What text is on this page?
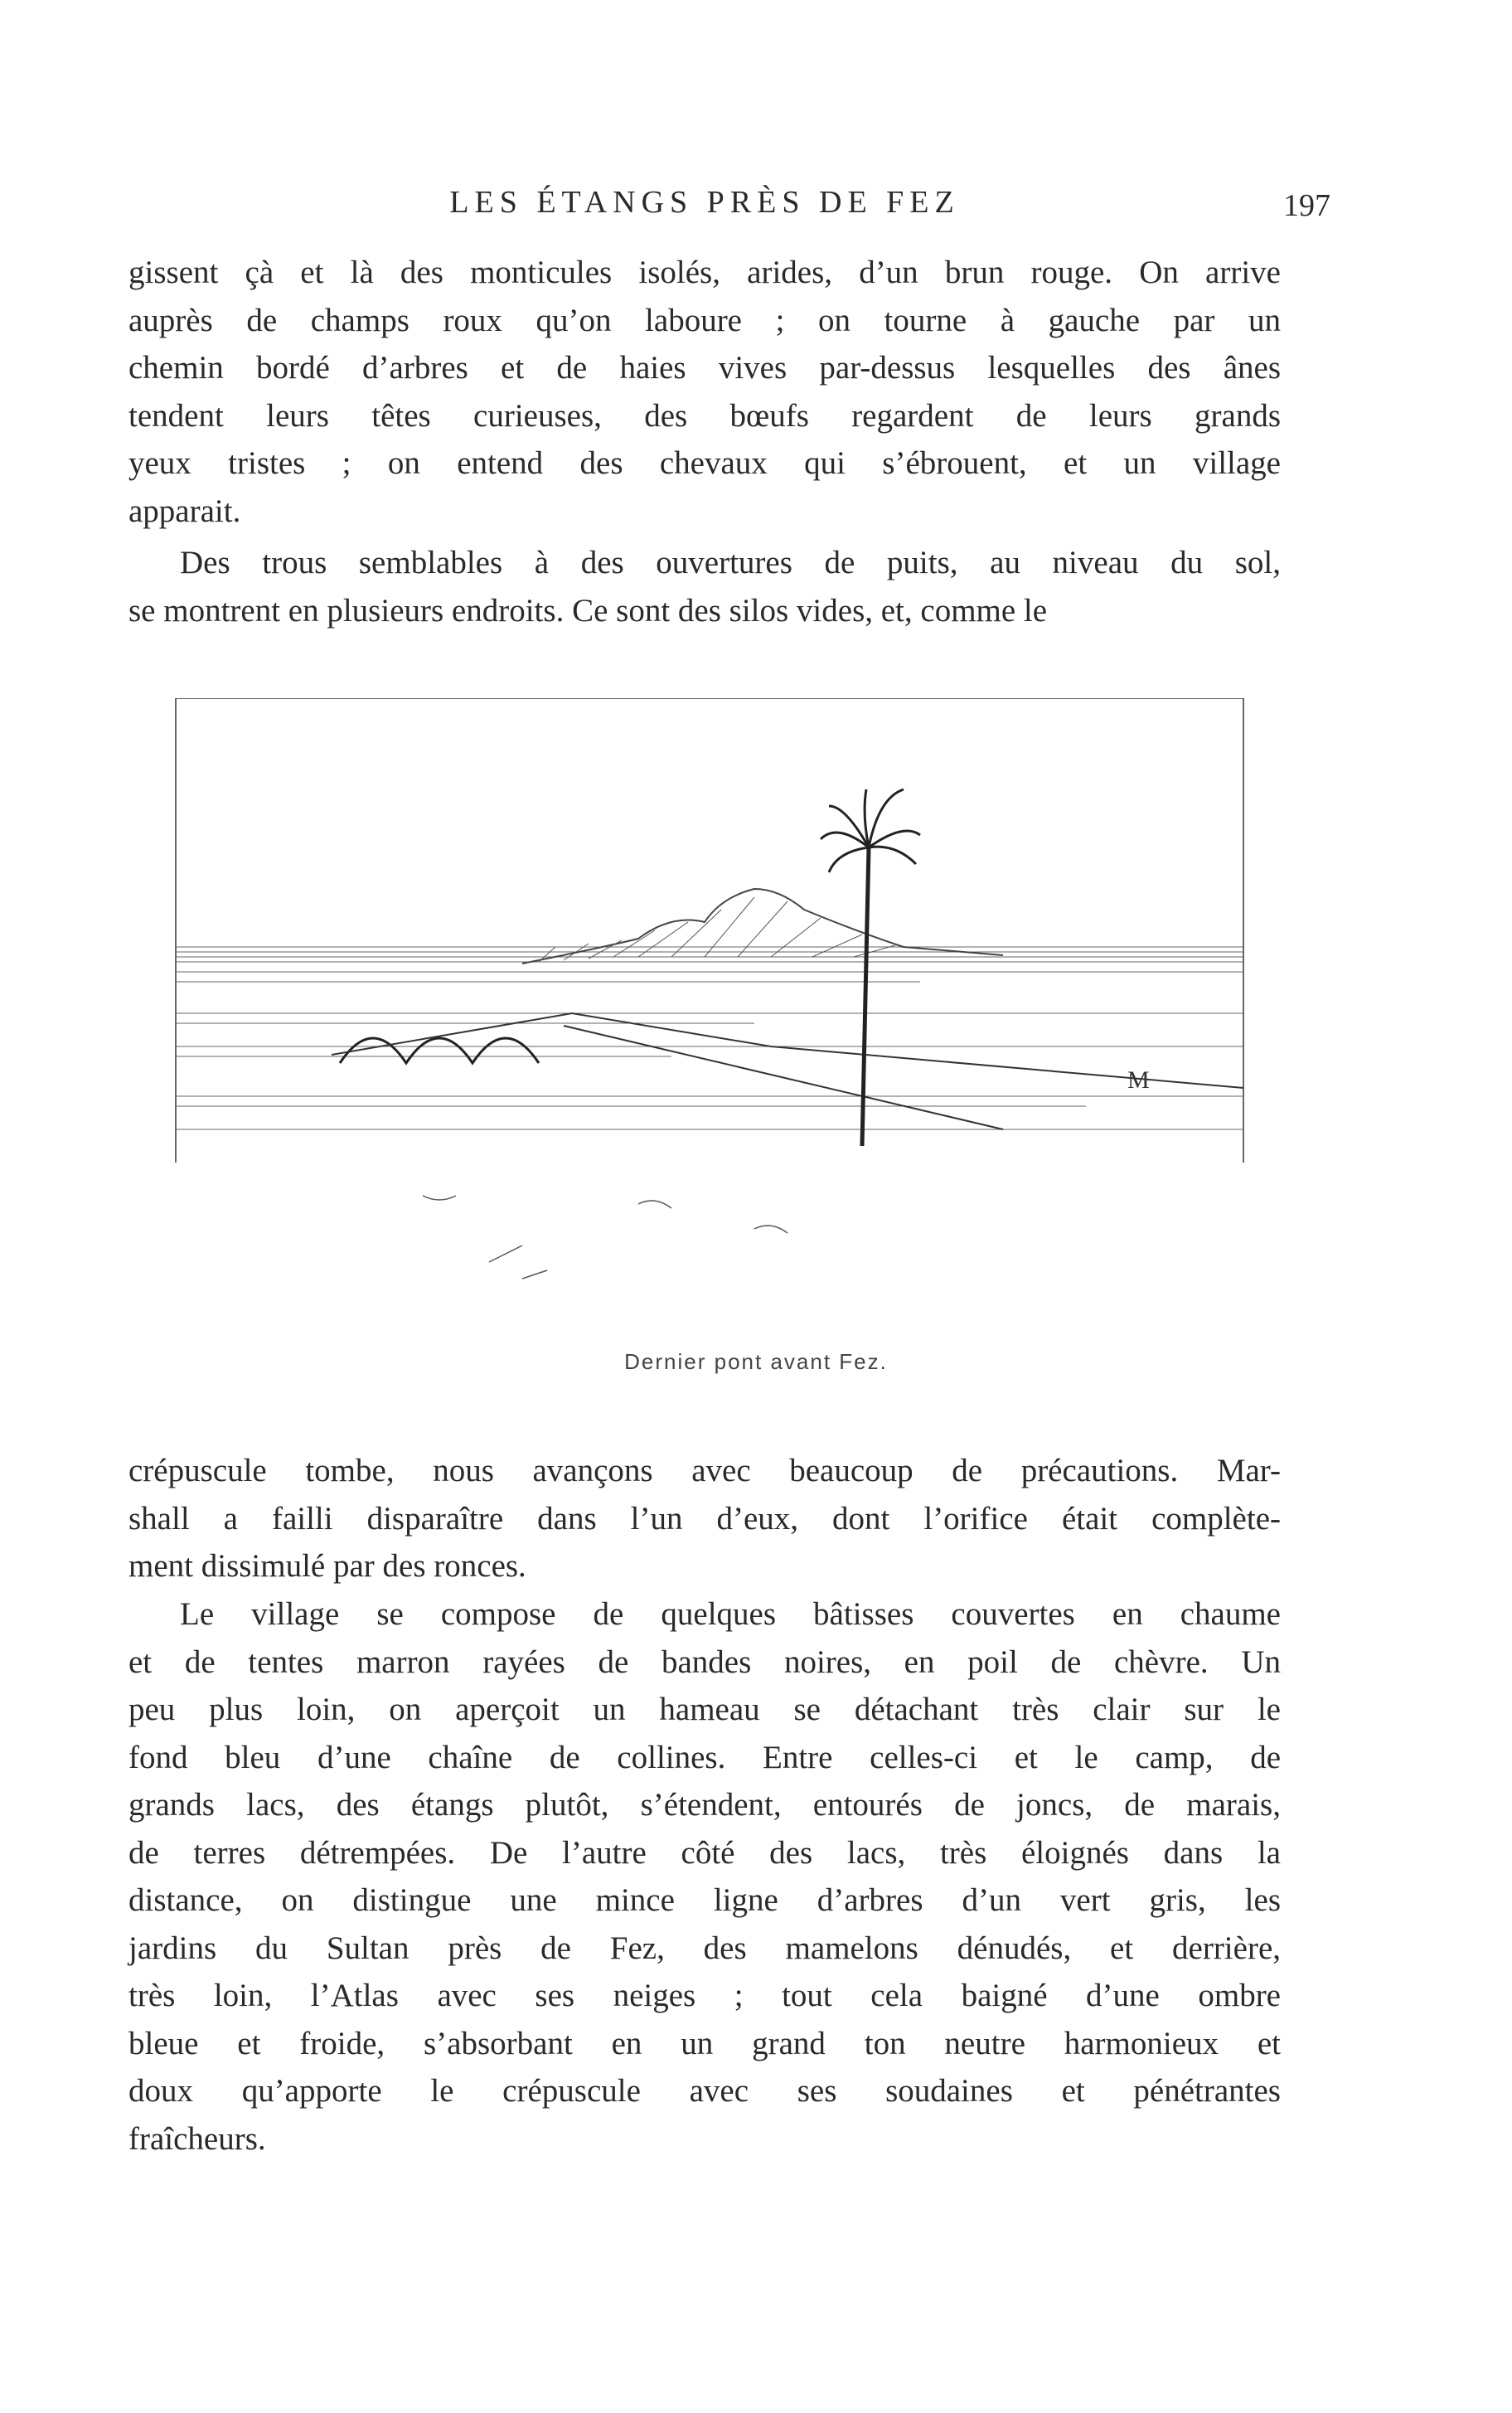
LES ÉTANGS PRÈS DE FEZ	197
gissent çà et là des monticules isolés, arides, d’un brun rouge. On arrive
auprès de champs roux qu’on laboure ; on tourne à gauche par un
chemin bordé d’arbres et de haies vives par-dessus lesquelles des ânes
tendent leurs têtes curieuses, des bœufs regardent de leurs grands
yeux tristes ; on entend des chevaux qui s’ébrouent, et un village
apparait.
Des trous semblables à des ouvertures de puits, au niveau du sol,
se montrent en plusieurs endroits. Ce sont des silos vides, et, comme le
M
Dernier pont avant Fez.
crépuscule tombe, nous avançons avec beaucoup de précautions. Mar-
shall a failli disparaître dans l’un d’eux, dont l’orifice était complète-
ment dissimulé par des ronces.
Le village se compose de quelques bâtisses couvertes en chaume
et de tentes marron rayées de bandes noires, en poil de chèvre. Un
peu plus loin, on aperçoit un hameau se détachant très clair sur le
fond bleu d’une chaîne de collines. Entre celles-ci et le camp, de
grands lacs, des étangs plutôt, s’étendent, entourés de joncs, de marais,
de terres détrempées. De l’autre côté des lacs, très éloignés dans la
distance, on distingue une mince ligne d’arbres d’un vert gris, les
jardins du Sultan près de Fez, des mamelons dénudés, et derrière,
très loin, l’Atlas avec ses neiges ; tout cela baigné d’une ombre
bleue et froide, s’absorbant en un grand ton neutre harmonieux et
doux qu’apporte le crépuscule avec ses soudaines et pénétrantes
fraîcheurs.
